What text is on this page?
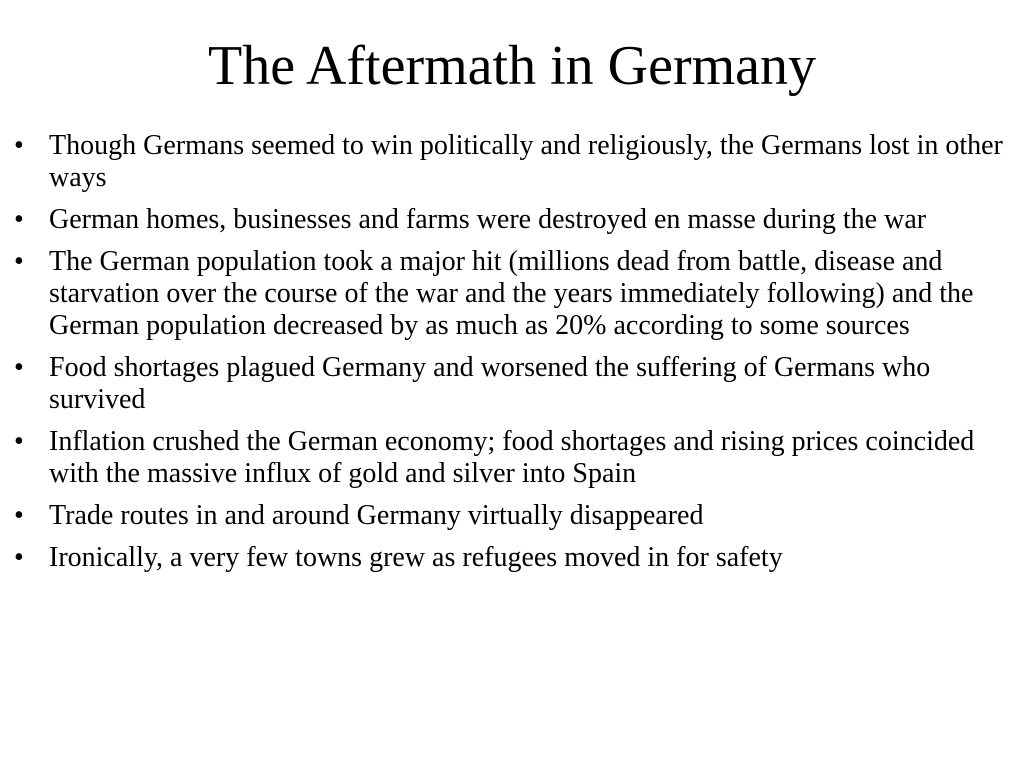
The Aftermath in Germany
• Though Germans seemed to win politically and religiously, the Germans lost in other ways
• German homes, businesses and farms were destroyed en masse during the war
• The German population took a major hit (millions dead from battle, disease and starvation over the course of the war and the years immediately following) and the German population decreased by as much as 20% according to some sources
• Food shortages plagued Germany and worsened the suffering of Germans who survived
• Inflation crushed the German economy; food shortages and rising prices coincided with the massive influx of gold and silver into Spain
• Trade routes in and around Germany virtually disappeared
• Ironically, a very few towns grew as refugees moved in for safety
